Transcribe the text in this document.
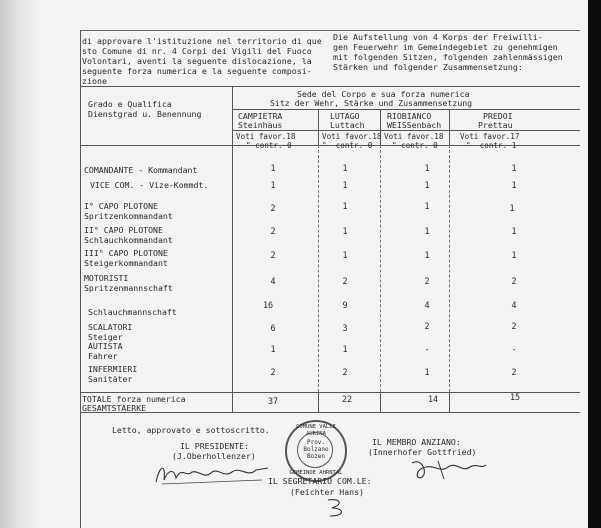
di approvare l'istituzione nel territorio di que
sto Comune di nr. 4 Corpi dei Vigili del Fuoco
Volontari, aventi la seguente dislocazione, la
seguente forza numerica e la seguente composi-
zione
Die Aufstellung von 4 Korps der Freiwilli-
gen Feuerwehr im Gemeindegebiet zu genehmigen
mit folgenden Sitzen, folgenden zahlenmässigen
Stärken und folgender Zusammensetzung:
Grado e Qualifica
Dienstgrad u. Benennung
Sede del Corpo e sua forza numerica
Sitz der Wehr, Stärke und Zusammensetzung
CAMPIETRA
Steinhaus
Voti favor.18
" contr. 0
LUTAGO
Luttach
Voti favor.18
"  contr. 0
RIOBIANCO
WEISSenbach
Voti favor.18
" contr. 0
PREDOI
Prettau
Voti favor.17
"  contr. 1
COMANDANTE - Kommandant	1	1	1	1
VICE COM. - Vize-Kommdt.	1	1	1	1
I° CAPO PLOTONE
Spritzenkommandant
2	1	1	1
II° CAPO PLOTONE
Schlauchkommandant
2	1	1	1
III° CAPO PLOTONE
Steigerkommandant
2	1	1	1
MOTORISTI
Spritzenmannschaft
4	2	2	2
Schlauchmannschaft
16	9	4	4
SCALATORI
Steiger
6	3	2	2
AUTISTA
Fahrer
1	1	-	-
INFERMIERI
Sanitäter
2	2	1	2
TOTALE forza numerica
GESAMTSTAERKE
37	22	14	15
Letto, approvato e sottoscritto.
IL PRESIDENTE:
(J.Oberhollenzer)
COMUNE VALLE AURINA
Prov.
Bolzano
Bozen
GEMEINDE AHRNTAL
IL MEMBRO ANZIANO:
(Innerhofer Gottfried)
IL SEGRETARIO COM.LE:
(Feichter Hans)
